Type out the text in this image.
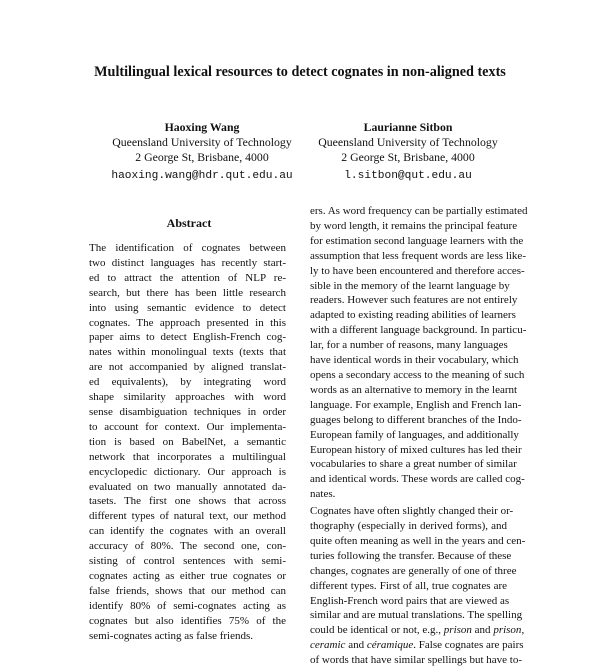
Multilingual lexical resources to detect cognates in non-aligned texts
Haoxing Wang
Queensland University of Technology
2 George St, Brisbane, 4000
haoxing.wang@hdr.qut.edu.au
Laurianne Sitbon
Queensland University of Technology
2 George St, Brisbane, 4000
l.sitbon@qut.edu.au
Abstract

The identification of cognates between
two distinct languages has recently start-
ed to attract the attention of NLP re-
search, but there has been little research
into using semantic evidence to detect
cognates. The approach presented in this
paper aims to detect English-French cog-
nates within monolingual texts (texts that
are not accompanied by aligned translat-
ed equivalents), by integrating word
shape similarity approaches with word
sense disambiguation techniques in order
to account for context. Our implementa-
tion is based on BabelNet, a semantic
network that incorporates a multilingual
encyclopedic dictionary. Our approach is
evaluated on two manually annotated da-
tasets. The first one shows that across
different types of natural text, our method
can identify the cognates with an overall
accuracy of 80%. The second one, con-
sisting of control sentences with semi-
cognates acting as either true cognates or
false friends, shows that our method can
identify 80% of semi-cognates acting as
cognates but also identifies 75% of the
semi-cognates acting as false friends.

ers. As word frequency can be partially estimated
by word length, it remains the principal feature
for estimation second language learners with the
assumption that less frequent words are less like-
ly to have been encountered and therefore acces-
sible in the memory of the learnt language by
readers. However such features are not entirely
adapted to existing reading abilities of learners
with a different language background. In particu-
lar, for a number of reasons, many languages
have identical words in their vocabulary, which
opens a secondary access to the meaning of such
words as an alternative to memory in the learnt
language. For example, English and French lan-
guages belong to different branches of the Indo-
European family of languages, and additionally
European history of mixed cultures has led their
vocabularies to share a great number of similar
and identical words. These words are called cog-
nates.

Cognates have often slightly changed their or-
thography (especially in derived forms), and
quite often meaning as well in the years and cen-
turies following the transfer. Because of these
changes, cognates are generally of one of three
different types. First of all, true cognates are
English-French word pairs that are viewed as
similar and are mutual translations. The spelling
could be identical or not, e.g., prison and prison,
ceramic and céramique. False cognates are pairs
of words that have similar spellings but have to-
